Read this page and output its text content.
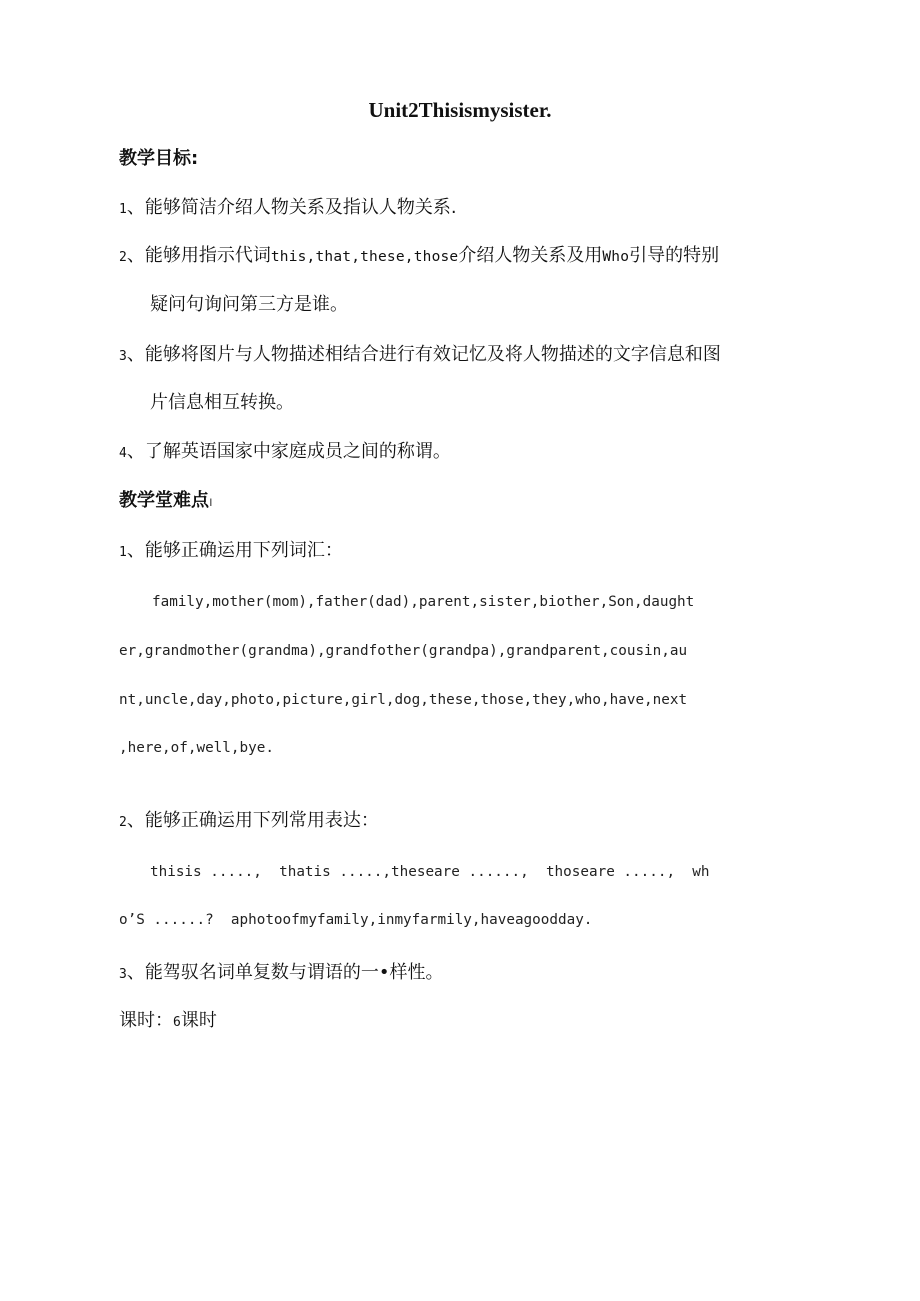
Unit2Thisismysister.
教学目标:
1、能够简洁介绍人物关系及指认人物关系.
2、能够用指示代词this,that,these,those介绍人物关系及用Who引导的特别
疑问句询问第三方是谁。
3、能够将图片与人物描述相结合进行有效记忆及将人物描述的文字信息和图
片信息相互转换。
4、了解英语国家中家庭成员之间的称谓。
教学堂难点ı
1、能够正确运用下列词汇：
family,mother(mom),father(dad),parent,sister,biother,Son,daught
er,grandmother(grandma),grandfother(grandpa),grandparent,cousin,au
nt,uncle,day,photo,picture,girl,dog,these,those,they,who,have,next
,here,of,well,bye.
2、能够正确运用下列常用表达：
thisis .....,  thatis .....,theseare ......,  thoseare .....,  wh
o’S ......?  aphotoofmyfamily,inmyfarmily,haveagoodday.
3、能驾驭名词单复数与谓语的一•样性。
课时：6课时
